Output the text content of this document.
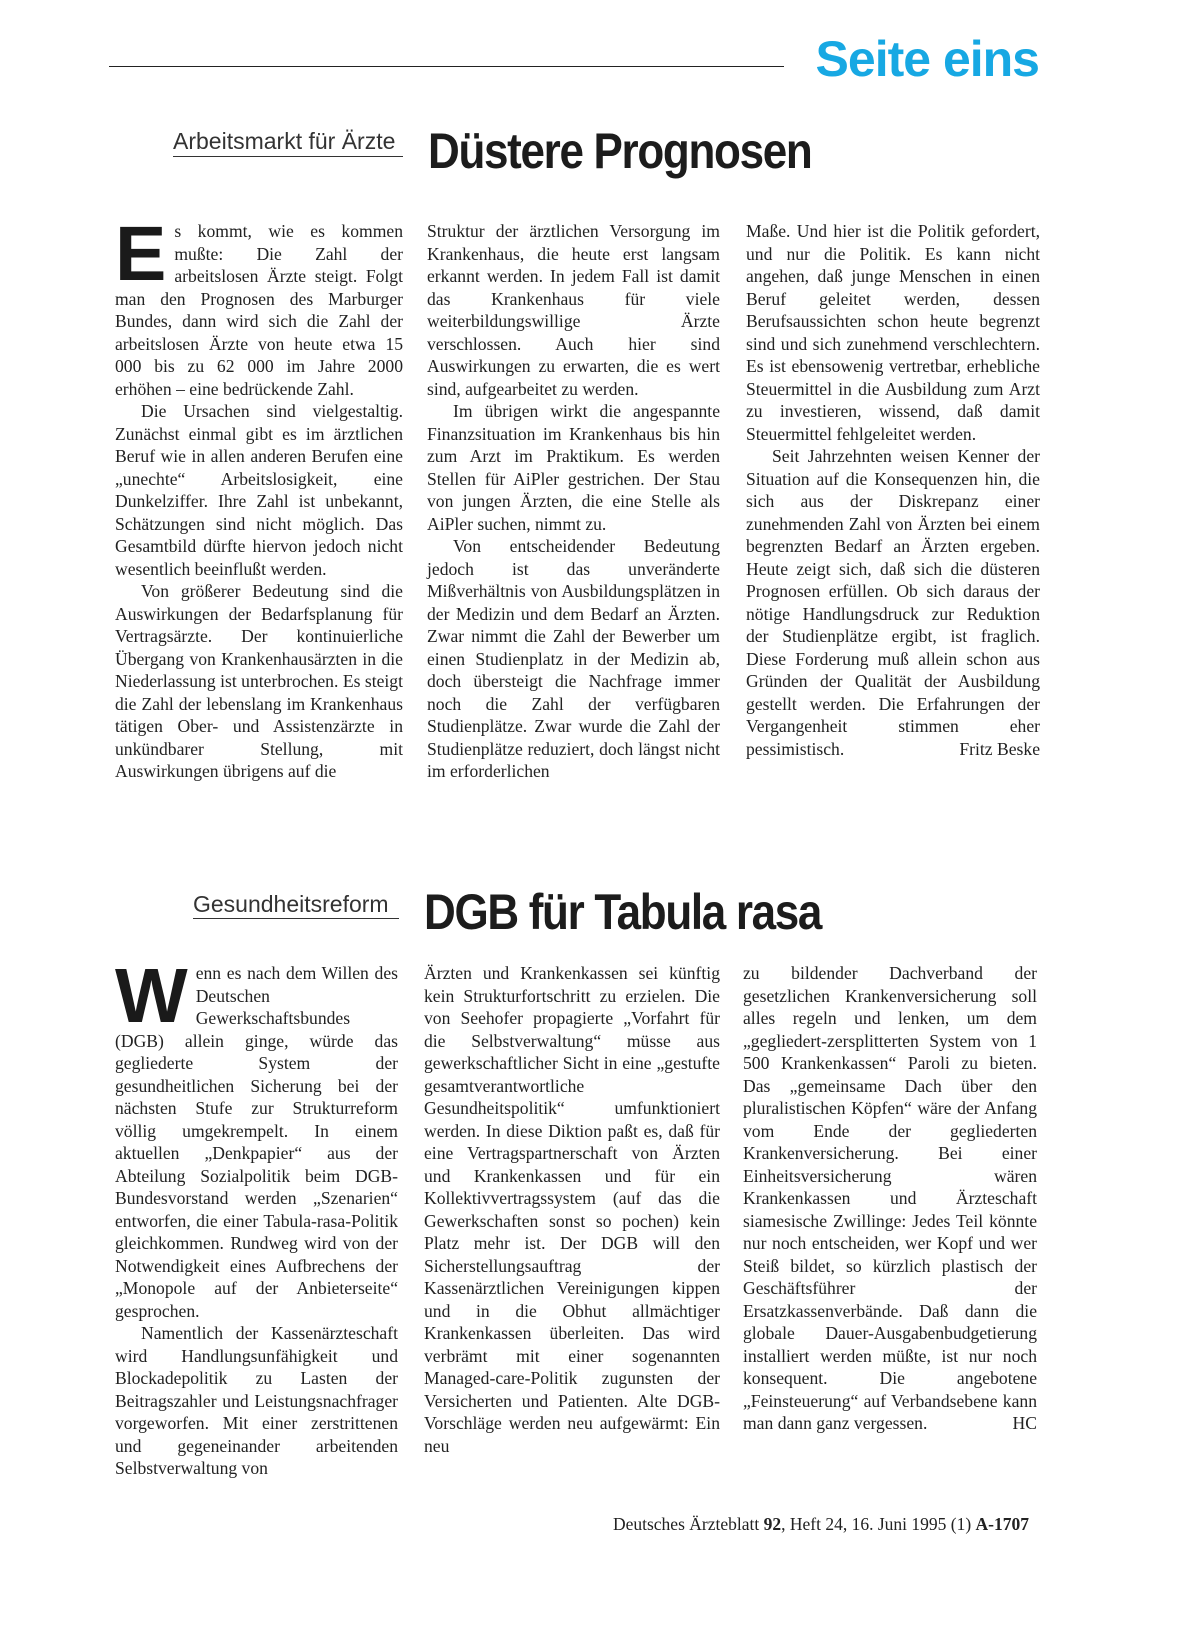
Seite eins
Arbeitsmarkt für Ärzte Düstere Prognosen

Es kommt, wie es kommen mußte: Die Zahl der arbeitslosen Ärzte steigt. Folgt man den Prognosen des Marburger Bundes, dann wird sich die Zahl der arbeitslosen Ärzte von heute etwa 15 000 bis zu 62 000 im Jahre 2000 erhöhen – eine bedrückende Zahl.

Die Ursachen sind vielgestaltig. Zunächst einmal gibt es im ärztlichen Beruf wie in allen anderen Berufen eine „unechte“ Arbeitslosigkeit, eine Dunkelziffer. Ihre Zahl ist unbekannt, Schätzungen sind nicht möglich. Das Gesamtbild dürfte hiervon jedoch nicht wesentlich beeinflußt werden.

Von größerer Bedeutung sind die Auswirkungen der Bedarfsplanung für Vertragsärzte. Der kontinuierliche Übergang von Krankenhausärzten in die Niederlassung ist unterbrochen. Es steigt die Zahl der lebenslang im Krankenhaus tätigen Ober- und Assistenzärzte in unkündbarer Stellung, mit Auswirkungen übrigens auf die

Struktur der ärztlichen Versorgung im Krankenhaus, die heute erst langsam erkannt werden. In jedem Fall ist damit das Krankenhaus für viele weiterbildungswillige Ärzte verschlossen. Auch hier sind Auswirkungen zu erwarten, die es wert sind, aufgearbeitet zu werden.

Im übrigen wirkt die angespannte Finanzsituation im Krankenhaus bis hin zum Arzt im Praktikum. Es werden Stellen für AiPler gestrichen. Der Stau von jungen Ärzten, die eine Stelle als AiPler suchen, nimmt zu.

Von entscheidender Bedeutung jedoch ist das unveränderte Mißverhältnis von Ausbildungsplätzen in der Medizin und dem Bedarf an Ärzten. Zwar nimmt die Zahl der Bewerber um einen Studienplatz in der Medizin ab, doch übersteigt die Nachfrage immer noch die Zahl der verfügbaren Studienplätze. Zwar wurde die Zahl der Studienplätze reduziert, doch längst nicht im erforderlichen

Maße. Und hier ist die Politik gefordert, und nur die Politik. Es kann nicht angehen, daß junge Menschen in einen Beruf geleitet werden, dessen Berufsaussichten schon heute begrenzt sind und sich zunehmend verschlechtern. Es ist ebensowenig vertretbar, erhebliche Steuermittel in die Ausbildung zum Arzt zu investieren, wissend, daß damit Steuermittel fehlgeleitet werden.

Seit Jahrzehnten weisen Kenner der Situation auf die Konsequenzen hin, die sich aus der Diskrepanz einer zunehmenden Zahl von Ärzten bei einem begrenzten Bedarf an Ärzten ergeben. Heute zeigt sich, daß sich die düsteren Prognosen erfüllen. Ob sich daraus der nötige Handlungsdruck zur Reduktion der Studienplätze ergibt, ist fraglich. Diese Forderung muß allein schon aus Gründen der Qualität der Ausbildung gestellt werden. Die Erfahrungen der Vergangenheit stimmen eher pessimistisch.	Fritz Beske

Gesundheitsreform DGB für Tabula rasa

Wenn es nach dem Willen des Deutschen Gewerkschaftsbundes (DGB) allein ginge, würde das gegliederte System der gesundheitlichen Sicherung bei der nächsten Stufe zur Strukturreform völlig umgekrempelt. In einem aktuellen „Denkpapier“ aus der Abteilung Sozialpolitik beim DGB-Bundesvorstand werden „Szenarien“ entworfen, die einer Tabula-rasa-Politik gleichkommen. Rundweg wird von der Notwendigkeit eines Aufbrechens der „Monopole auf der Anbieterseite“ gesprochen.

Namentlich der Kassenärzteschaft wird Handlungsunfähigkeit und Blockadepolitik zu Lasten der Beitragszahler und Leistungsnachfrager vorgeworfen. Mit einer zerstrittenen und gegeneinander arbeitenden Selbstverwaltung von

Ärzten und Krankenkassen sei künftig kein Strukturfortschritt zu erzielen. Die von Seehofer propagierte „Vorfahrt für die Selbstverwaltung“ müsse aus gewerkschaftlicher Sicht in eine „gestufte gesamtverantwortliche Gesundheitspolitik“ umfunktioniert werden. In diese Diktion paßt es, daß für eine Vertragspartnerschaft von Ärzten und Krankenkassen und für ein Kollektivvertragssystem (auf das die Gewerkschaften sonst so pochen) kein Platz mehr ist. Der DGB will den Sicherstellungsauftrag der Kassenärztlichen Vereinigungen kippen und in die Obhut allmächtiger Krankenkassen überleiten. Das wird verbrämt mit einer sogenannten Managed-care-Politik zugunsten der Versicherten und Patienten. Alte DGB-Vorschläge werden neu aufgewärmt: Ein neu

zu bildender Dachverband der gesetzlichen Krankenversicherung soll alles regeln und lenken, um dem „gegliedert-zersplitterten System von 1 500 Krankenkassen“ Paroli zu bieten. Das „gemeinsame Dach über den pluralistischen Köpfen“ wäre der Anfang vom Ende der gegliederten Krankenversicherung. Bei einer Einheitsversicherung wären Krankenkassen und Ärzteschaft siamesische Zwillinge: Jedes Teil könnte nur noch entscheiden, wer Kopf und wer Steiß bildet, so kürzlich plastisch der Geschäftsführer der Ersatzkassenverbände. Daß dann die globale Dauer-Ausgabenbudgetierung installiert werden müßte, ist nur noch konsequent. Die angebotene „Feinsteuerung“ auf Verbandsebene kann man dann ganz vergessen.	HC

Deutsches Ärzteblatt 92, Heft 24, 16. Juni 1995 (1) A-1707
